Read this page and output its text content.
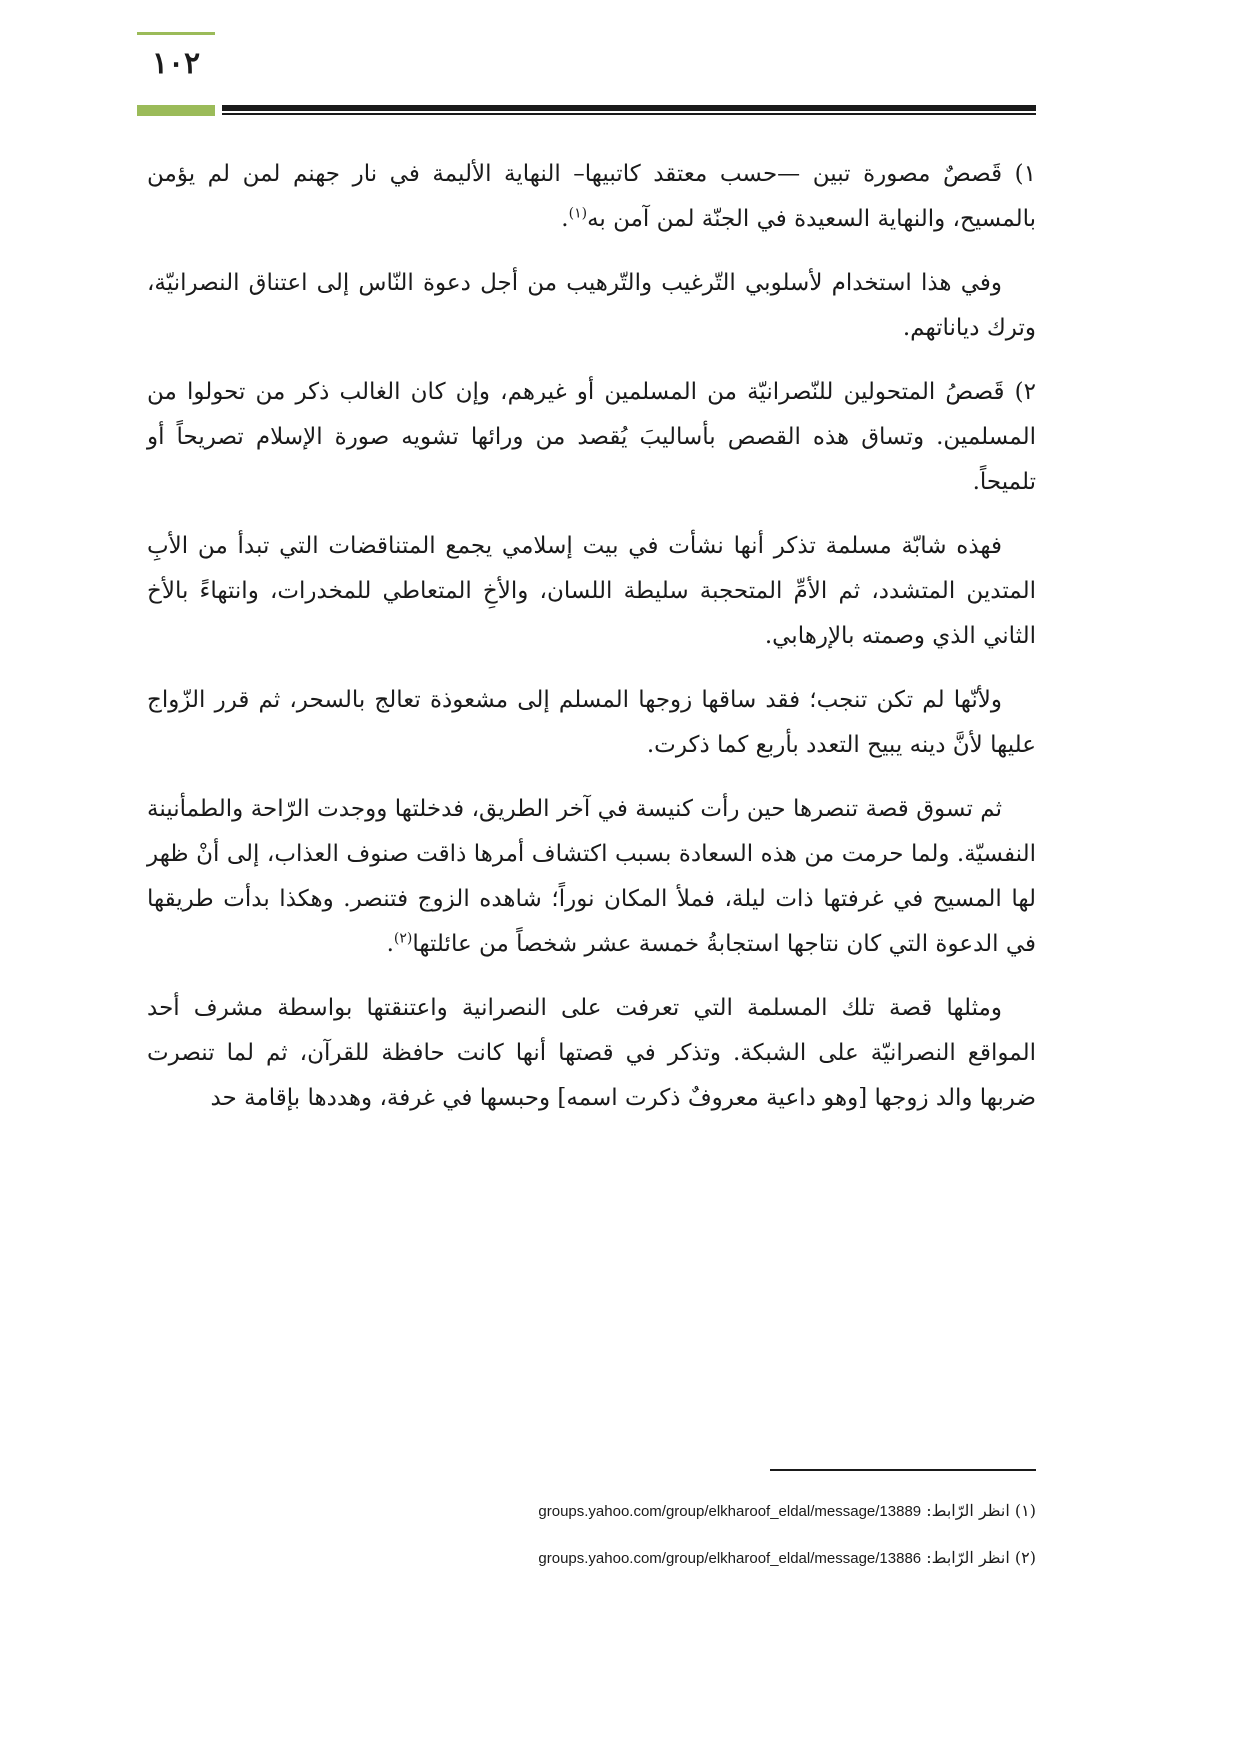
١٠٢

١) قَصصٌ مصورة تبين —حسب معتقد كاتبيها– النهاية الأليمة في نار جهنم لمن لم يؤمن بالمسيح، والنهاية السعيدة في الجنّة لمن آمن به$^{(١)}$.

وفي هذا استخدام لأسلوبي التّرغيب والتّرهيب من أجل دعوة النّاس إلى اعتناق النصرانيّة، وترك دياناتهم.

٢) قَصصُ المتحولين للنّصرانيّة من المسلمين أو غيرهم، وإن كان الغالب ذكر من تحولوا من المسلمين. وتساق هذه القصص بأساليبَ يُقصد من ورائها تشويه صورة الإسلام تصريحاً أو تلميحاً.

فهذه شابّة مسلمة تذكر أنها نشأت في بيت إسلامي يجمع المتناقضات التي تبدأ من الأبِ المتدين المتشدد، ثم الأمِّ المتحجبة سليطة اللسان، والأخِ المتعاطي للمخدرات، وانتهاءً بالأخ الثاني الذي وصمته بالإرهابي.

ولأنّها لم تكن تنجب؛ فقد ساقها زوجها المسلم إلى مشعوذة تعالج بالسحر، ثم قرر الزّواج عليها لأنَّ دينه يبيح التعدد بأربع كما ذكرت.

ثم تسوق قصة تنصرها حين رأت كنيسة في آخر الطريق، فدخلتها ووجدت الرّاحة والطمأنينة النفسيّة. ولما حرمت من هذه السعادة بسبب اكتشاف أمرها ذاقت صنوف العذاب، إلى أنْ ظهر لها المسيح في غرفتها ذات ليلة، فملأ المكان نوراً؛ شاهده الزوج فتنصر. وهكذا بدأت طريقها في الدعوة التي كان نتاجها استجابةُ خمسة عشر شخصاً من عائلتها$^{(٢)}$.

ومثلها قصة تلك المسلمة التي تعرفت على النصرانية واعتنقتها بواسطة مشرف أحد المواقع النصرانيّة على الشبكة. وتذكر في قصتها أنها كانت حافظة للقرآن، ثم لما تنصرت ضربها والد زوجها [وهو داعية معروفٌ ذكرت اسمه] وحبسها في غرفة، وهددها بإقامة حد

(١) انظر الرّابط: groups.yahoo.com/group/elkharoof_eldal/message/13889
(٢) انظر الرّابط: groups.yahoo.com/group/elkharoof_eldal/message/13886
